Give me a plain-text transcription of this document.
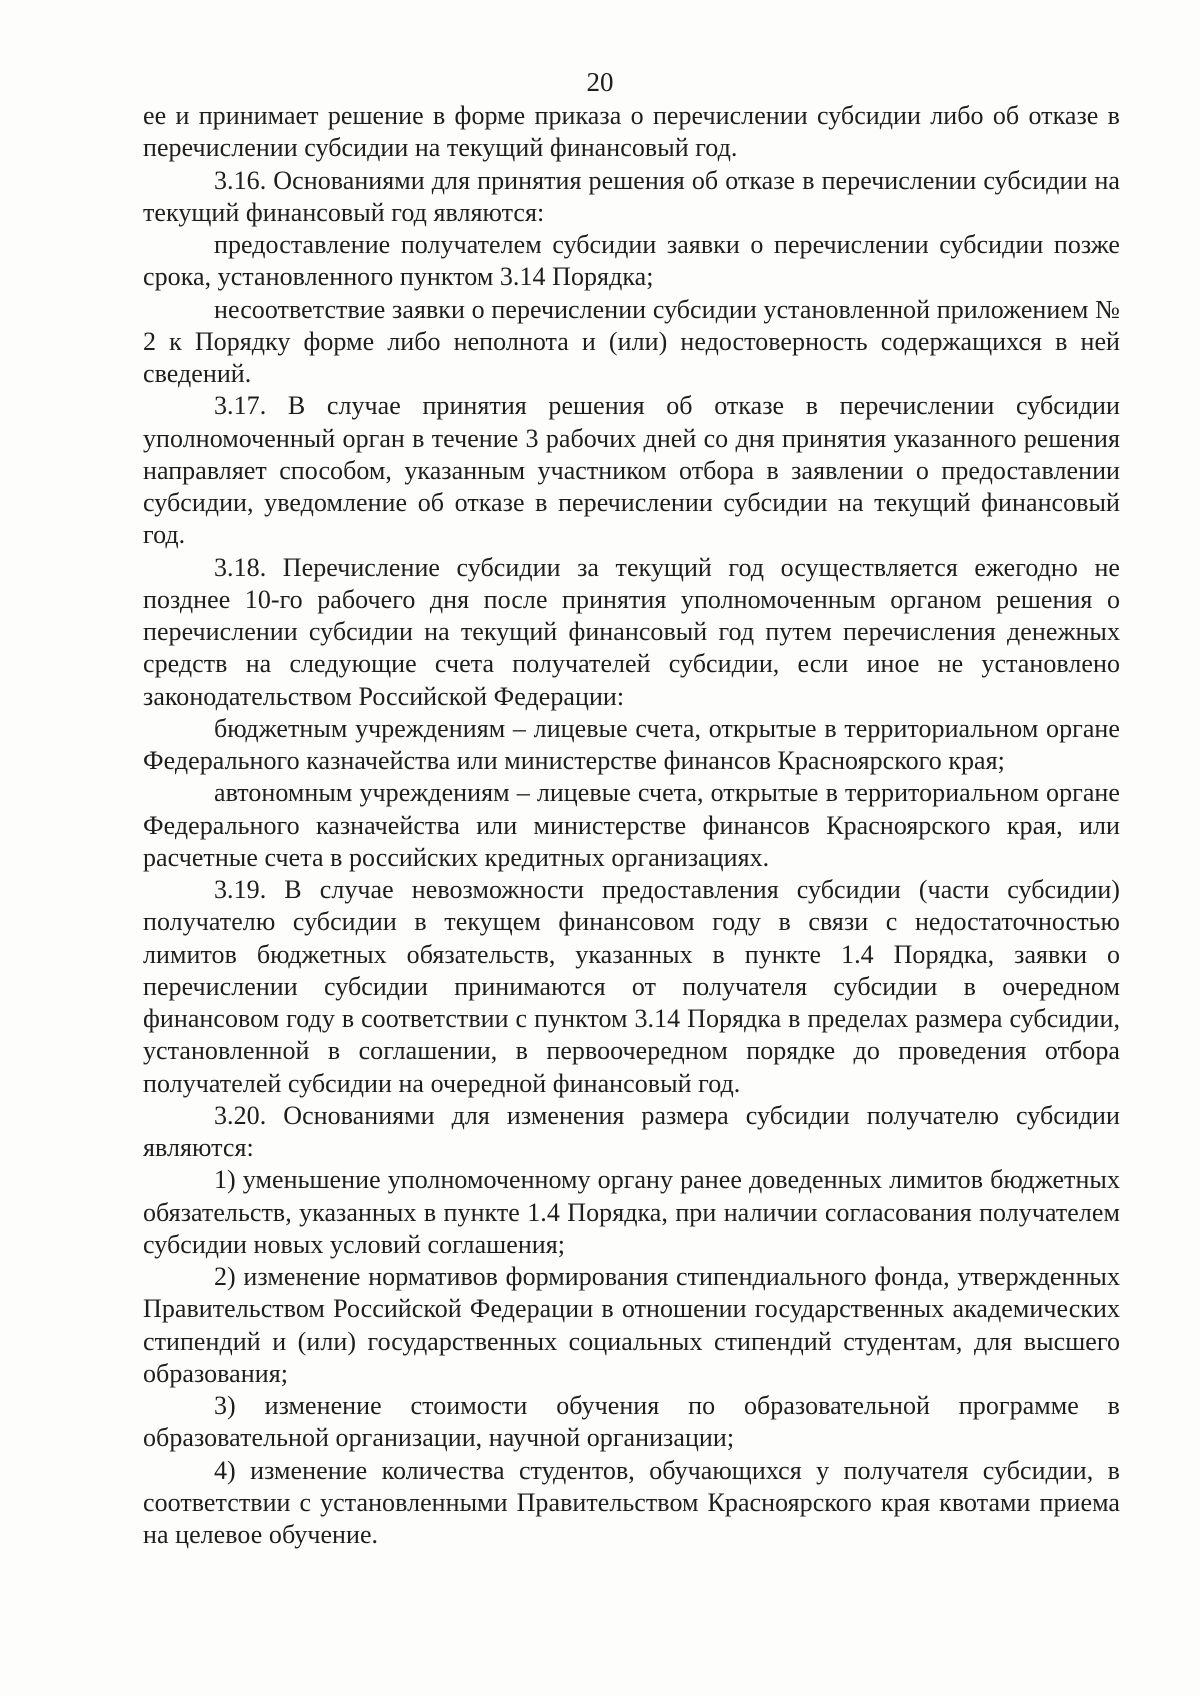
20

ее и принимает решение в форме приказа о перечислении субсидии либо об отказе в перечислении субсидии на текущий финансовый год.

3.16. Основаниями для принятия решения об отказе в перечислении субсидии на текущий финансовый год являются:

предоставление получателем субсидии заявки о перечислении субсидии позже срока, установленного пунктом 3.14 Порядка;

несоответствие заявки о перечислении субсидии установленной приложением № 2 к Порядку форме либо неполнота и (или) недостоверность содержащихся в ней сведений.

3.17. В случае принятия решения об отказе в перечислении субсидии уполномоченный орган в течение 3 рабочих дней со дня принятия указанного решения направляет способом, указанным участником отбора в заявлении о предоставлении субсидии, уведомление об отказе в перечислении субсидии на текущий финансовый год.

3.18. Перечисление субсидии за текущий год осуществляется ежегодно не позднее 10-го рабочего дня после принятия уполномоченным органом решения о перечислении субсидии на текущий финансовый год путем перечисления денежных средств на следующие счета получателей субсидии, если иное не установлено законодательством Российской Федерации:

бюджетным учреждениям – лицевые счета, открытые в территориальном органе Федерального казначейства или министерстве финансов Красноярского края;

автономным учреждениям – лицевые счета, открытые в территориальном органе Федерального казначейства или министерстве финансов Красноярского края, или расчетные счета в российских кредитных организациях.

3.19. В случае невозможности предоставления субсидии (части субсидии) получателю субсидии в текущем финансовом году в связи с недостаточностью лимитов бюджетных обязательств, указанных в пункте 1.4 Порядка, заявки о перечислении субсидии принимаются от получателя субсидии в очередном финансовом году в соответствии с пунктом 3.14 Порядка в пределах размера субсидии, установленной в соглашении, в первоочередном порядке до проведения отбора получателей субсидии на очередной финансовый год.

3.20. Основаниями для изменения размера субсидии получателю субсидии являются:

1) уменьшение уполномоченному органу ранее доведенных лимитов бюджетных обязательств, указанных в пункте 1.4 Порядка, при наличии согласования получателем субсидии новых условий соглашения;

2) изменение нормативов формирования стипендиального фонда, утвержденных Правительством Российской Федерации в отношении государственных академических стипендий и (или) государственных социальных стипендий студентам, для высшего образования;

3) изменение стоимости обучения по образовательной программе в образовательной организации, научной организации;

4) изменение количества студентов, обучающихся у получателя субсидии, в соответствии с установленными Правительством Красноярского края квотами приема на целевое обучение.
